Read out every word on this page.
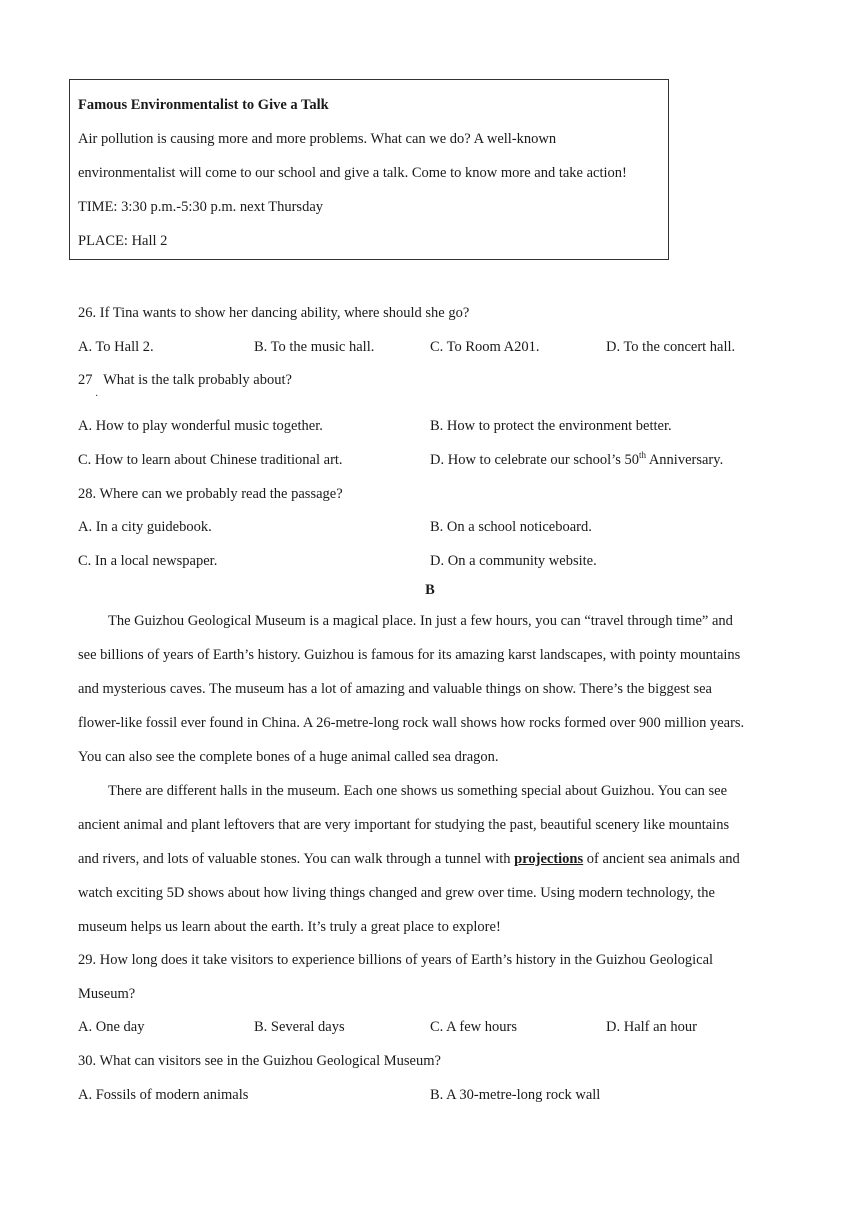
Famous Environmentalist to Give a Talk
Air pollution is causing more and more problems. What can we do? A well-known
environmentalist will come to our school and give a talk. Come to know more and take action!
TIME: 3:30 p.m.-5:30 p.m. next Thursday
PLACE: Hall 2
26. If Tina wants to show her dancing ability, where should she go?
A. To Hall 2.	B. To the music hall.	C. To Room A201.	D. To the concert hall.
27   What is the talk probably about?
·
A. How to play wonderful music together.	B. How to protect the environment better.
C. How to learn about Chinese traditional art.	D. How to celebrate our school’s 50th Anniversary.
28. Where can we probably read the passage?
A. In a city guidebook.	B. On a school noticeboard.
C. In a local newspaper.	D. On a community website.
B
The Guizhou Geological Museum is a magical place. In just a few hours, you can “travel through time” and
see billions of years of Earth’s history. Guizhou is famous for its amazing karst landscapes, with pointy mountains
and mysterious caves. The museum has a lot of amazing and valuable things on show. There’s the biggest sea
flower-like fossil ever found in China. A 26-metre-long rock wall shows how rocks formed over 900 million years.
You can also see the complete bones of a huge animal called sea dragon.
There are different halls in the museum. Each one shows us something special about Guizhou. You can see
ancient animal and plant leftovers that are very important for studying the past, beautiful scenery like mountains
and rivers, and lots of valuable stones. You can walk through a tunnel with projections of ancient sea animals and
watch exciting 5D shows about how living things changed and grew over time. Using modern technology, the
museum helps us learn about the earth. It’s truly a great place to explore!
29. How long does it take visitors to experience billions of years of Earth’s history in the Guizhou Geological
Museum?
A. One day	B. Several days	C. A few hours	D. Half an hour
30. What can visitors see in the Guizhou Geological Museum?
A. Fossils of modern animals	B. A 30-metre-long rock wall
